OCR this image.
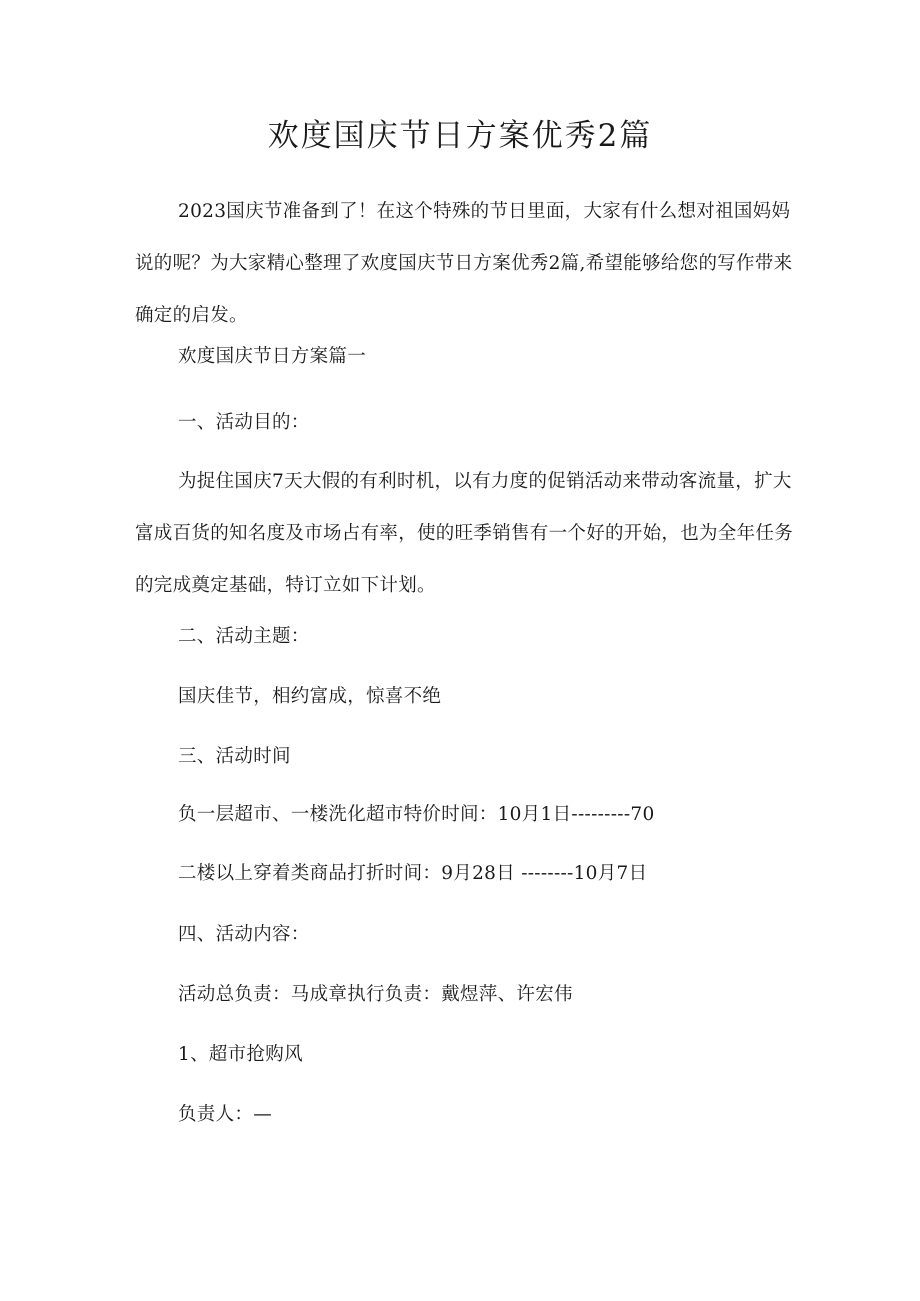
欢度国庆节日方案优秀2篇
2023国庆节准备到了！在这个特殊的节日里面，大家有什么想对祖国妈妈说的呢？为大家精心整理了欢度国庆节日方案优秀2篇,希望能够给您的写作带来确定的启发。
欢度国庆节日方案篇一
一、活动目的：
为捉住国庆7天大假的有利时机，以有力度的促销活动来带动客流量，扩大富成百货的知名度及市场占有率，使的旺季销售有一个好的开始，也为全年任务的完成奠定基础，特订立如下计划。
二、活动主题：
国庆佳节，相约富成，惊喜不绝
三、活动时间
负一层超市、一楼洗化超市特价时间：10月1日---------70
二楼以上穿着类商品打折时间：9月28日 --------10月7日
四、活动内容：
活动总负责：马成章执行负责：戴煜萍、许宏伟
1、超市抢购风
负责人：—
